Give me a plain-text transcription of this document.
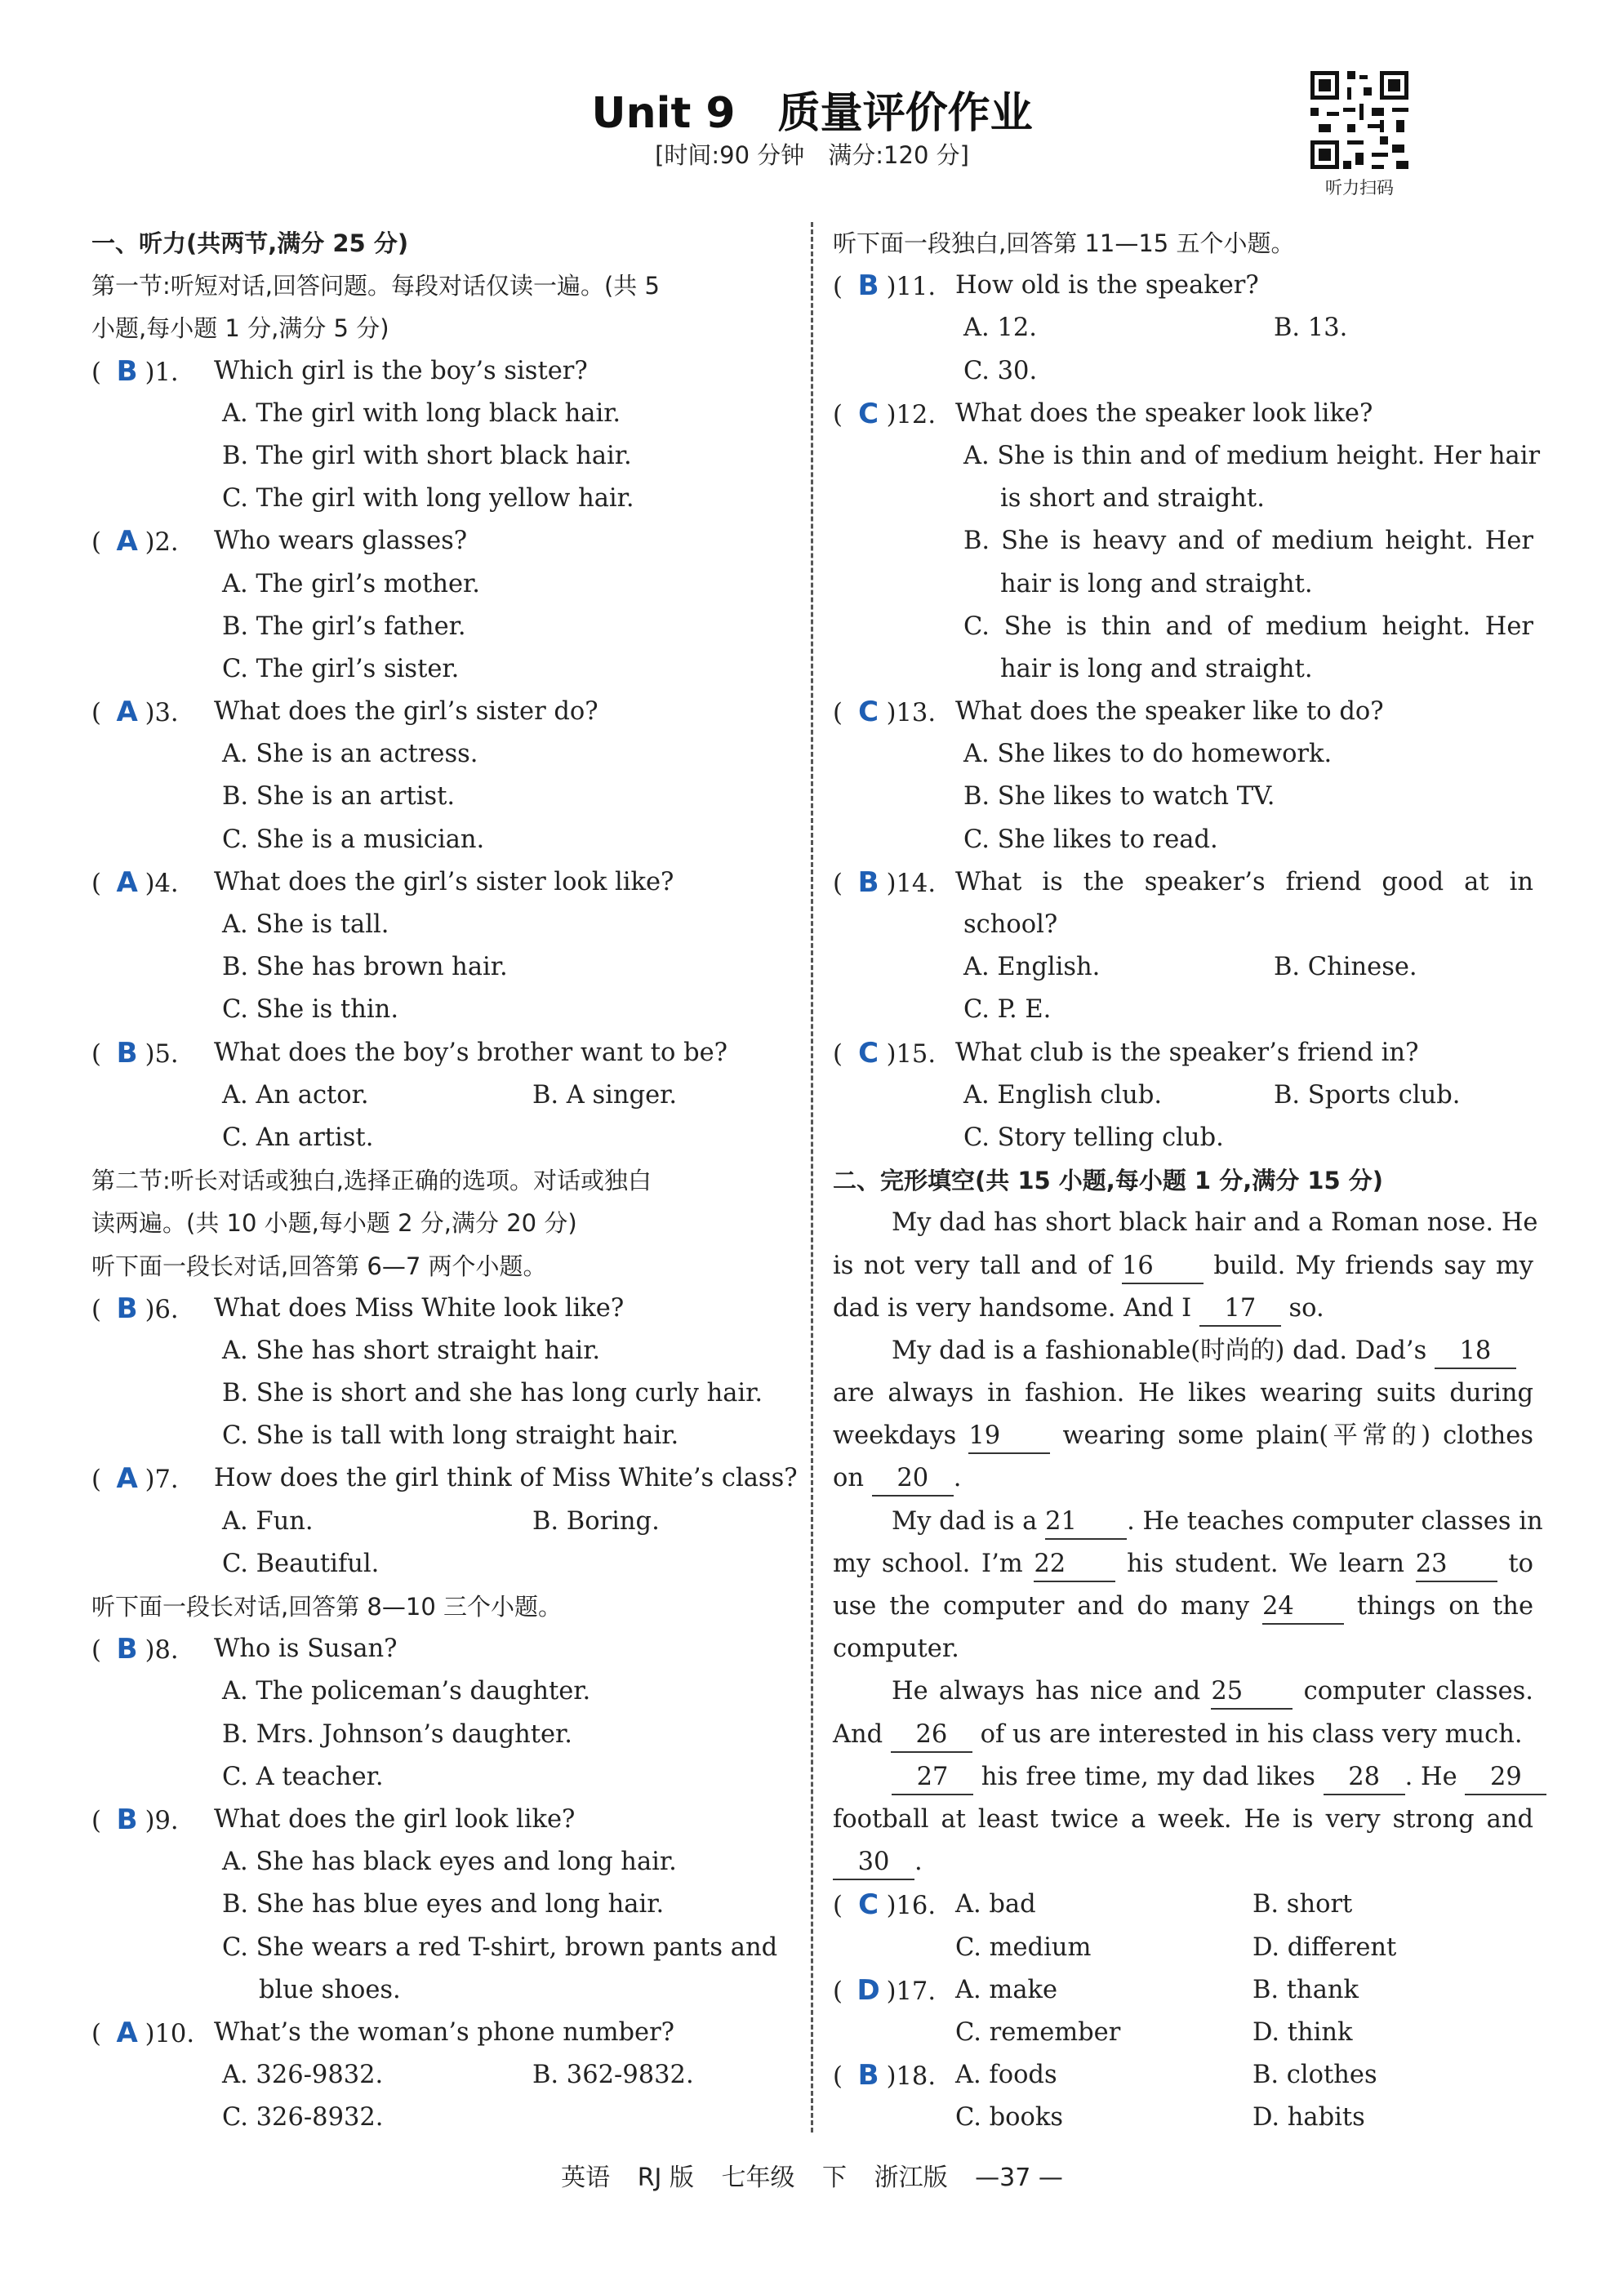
Unit 9　质量评价作业
[时间:90 分钟　满分:120 分]
听力扫码
一、听力(共两节,满分 25 分)
第一节:听短对话,回答问题。每段对话仅读一遍。(共 5
小题,每小题 1 分,满分 5 分)
( B )1.	Which girl is the boy’s sister?
A. The girl with long black hair.
B. The girl with short black hair.
C. The girl with long yellow hair.
( A )2.	Who wears glasses?
A. The girl’s mother.
B. The girl’s father.
C. The girl’s sister.
( A )3.	What does the girl’s sister do?
A. She is an actress.
B. She is an artist.
C. She is a musician.
( A )4.	What does the girl’s sister look like?
A. She is tall.
B. She has brown hair.
C. She is thin.
( B )5.	What does the boy’s brother want to be?
A. An actor.	B. A singer.
C. An artist.
第二节:听长对话或独白,选择正确的选项。对话或独白
读两遍。(共 10 小题,每小题 2 分,满分 20 分)
听下面一段长对话,回答第 6—7 两个小题。
( B )6.	What does Miss White look like?
A. She has short straight hair.
B. She is short and she has long curly hair.
C. She is tall with long straight hair.
( A )7.	How does the girl think of Miss White’s class?
A. Fun.	B. Boring.
C. Beautiful.
听下面一段长对话,回答第 8—10 三个小题。
( B )8.	Who is Susan?
A. The policeman’s daughter.
B. Mrs. Johnson’s daughter.
C. A teacher.
( B )9.	What does the girl look like?
A. She has black eyes and long hair.
B. She has blue eyes and long hair.
C. She wears a red T-shirt, brown pants and
blue shoes.
( A )10. What’s the woman’s phone number?
A. 326-9832.	B. 362-9832.
C. 326-8932.
听下面一段独白,回答第 11—15 五个小题。
( B )11. How old is the speaker?
A. 12.	B. 13.
C. 30.
( C )12. What does the speaker look like?
A. She is thin and of medium height. Her hair
is short and straight.
B. She is heavy and of medium height. Her
hair is long and straight.
C. She is thin and of medium height. Her
hair is long and straight.
( C )13. What does the speaker like to do?
A. She likes to do homework.
B. She likes to watch TV.
C. She likes to read.
( B )14. What is the speaker’s friend good at in
school?
A. English.	B. Chinese.
C. P. E.
( C )15. What club is the speaker’s friend in?
A. English club.	B. Sports club.
C. Story telling club.
二、完形填空(共 15 小题,每小题 1 分,满分 15 分)
My dad has short black hair and a Roman nose. He
is not very tall and of 16 build. My friends say my
dad is very handsome. And I 17 so.
My dad is a fashionable(时尚的) dad. Dad’s 18
are always in fashion. He likes wearing suits during
weekdays 19	wearing some plain(平常的) clothes
on 20 .
My dad is a 21 . He teaches computer classes in
my school. I’m 22 his student. We learn 23 to
use the computer and do many 24	things on the
computer.
He always has nice and 25 computer classes.
And 26 of us are interested in his class very much.
27 his free time, my dad likes 28 . He 29
football at least twice a week. He is very strong and
30 .
( C )16. A. bad	B. short
C. medium	D. different
( D )17. A. make	B. thank
C. remember	D. think
( B )18. A. foods	B. clothes
C. books	D. habits
英语 RJ 版 七年级 下 浙江版 —37 —
